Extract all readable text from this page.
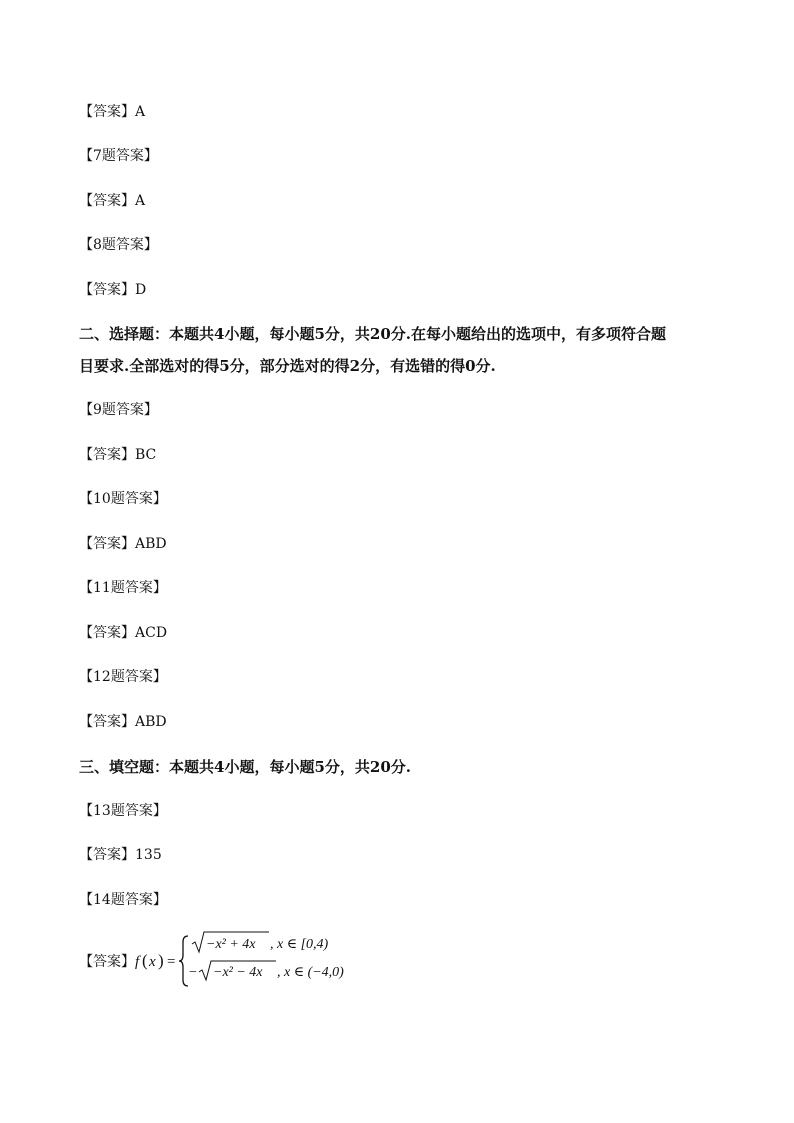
【答案】A
【7题答案】
【答案】A
【8题答案】
【答案】D
二、选择题：本题共4小题，每小题5分，共20分.在每小题给出的选项中，有多项符合题
目要求.全部选对的得5分，部分选对的得2分，有选错的得0分.
【9题答案】
【答案】BC
【10题答案】
【答案】ABD
【11题答案】
【答案】ACD
【12题答案】
【答案】ABD
三、填空题：本题共4小题，每小题5分，共20分.
【13题答案】
【答案】135
【14题答案】
【答案】 f ( x ) =
−x² + 4x , x ∈ [0,4)
− −x² − 4x , x ∈ (−4,0)
